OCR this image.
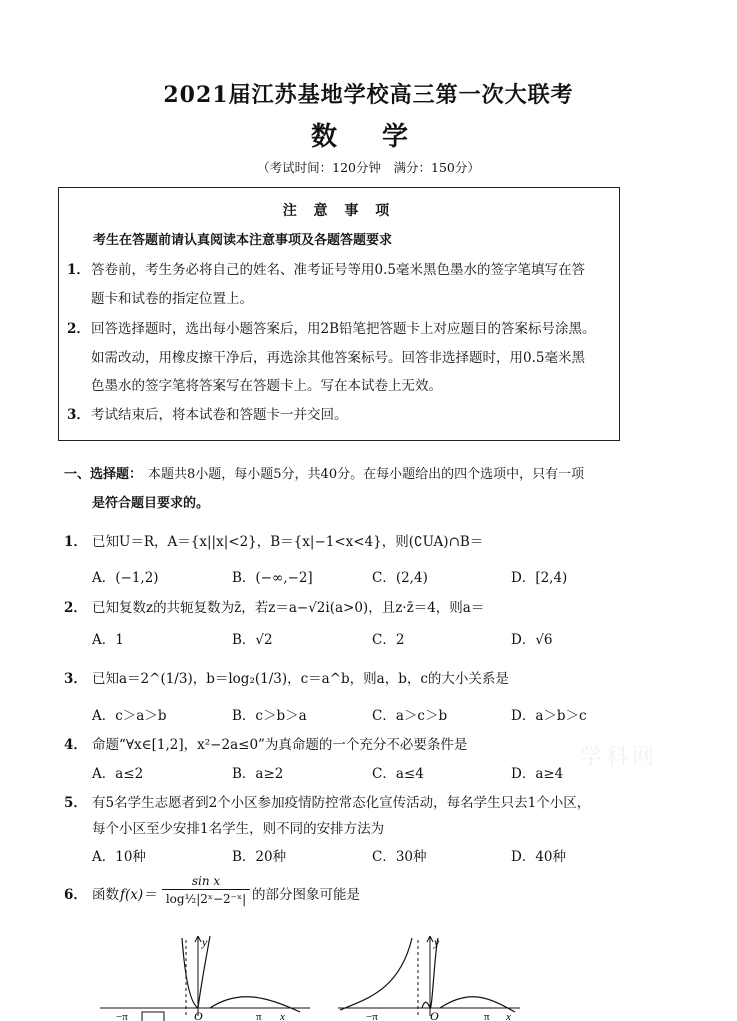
2021届江苏基地学校高三第一次大联考
数 学
（考试时间：120分钟　满分：150分）
注 意 事 项
考生在答题前请认真阅读本注意事项及各题答题要求
1． 答卷前，考生务必将自己的姓名、准考证号等用0.5毫米黑色墨水的签字笔填写在答
题卡和试卷的指定位置上。
2． 回答选择题时，选出每小题答案后，用2B铅笔把答题卡上对应题目的答案标号涂黑。
如需改动，用橡皮擦干净后，再选涂其他答案标号。回答非选择题时，用0.5毫米黑
色墨水的签字笔将答案写在答题卡上。写在本试卷上无效。
3． 考试结束后，将本试卷和答题卡一并交回。
一、选择题： 本题共8小题，每小题5分，共40分。在每小题给出的四个选项中，只有一项
是符合题目要求的。
1． 已知U＝R，A＝{x||x|<2}，B＝{x|−1<x<4}，则(∁UA)∩B＝
A．(−1,2)	B．(−∞,−2]	C．(2,4)	D．[2,4)
2． 已知复数z的共轭复数为z̄，若z＝a−√2i(a>0)，且z·z̄＝4，则a＝
A．1	B．√2	C．2	D．√6
3． 已知a＝2^(1/3)，b＝log₂(1/3)，c＝a^b，则a，b，c的大小关系是
A．c＞a＞b	B．c＞b＞a	C．a＞c＞b	D．a＞b＞c
4． 命题“∀x∈[1,2]，x²−2a≤0”为真命题的一个充分不必要条件是
A．a≤2	B．a≥2	C．a≤4	D．a≥4
5． 有5名学生志愿者到2个小区参加疫情防控常态化宣传活动，每名学生只去1个小区，
每个小区至少安排1名学生，则不同的安排方法为
A．10种	B．20种	C．30种	D．40种
6． 函数 $f(x)= \frac{\text{sin x}}{\text{log½|2ˣ−2⁻ˣ|}}$ 的部分图象可能是
y
x
O
−π	π
y
x
O
−π	π
学科网
